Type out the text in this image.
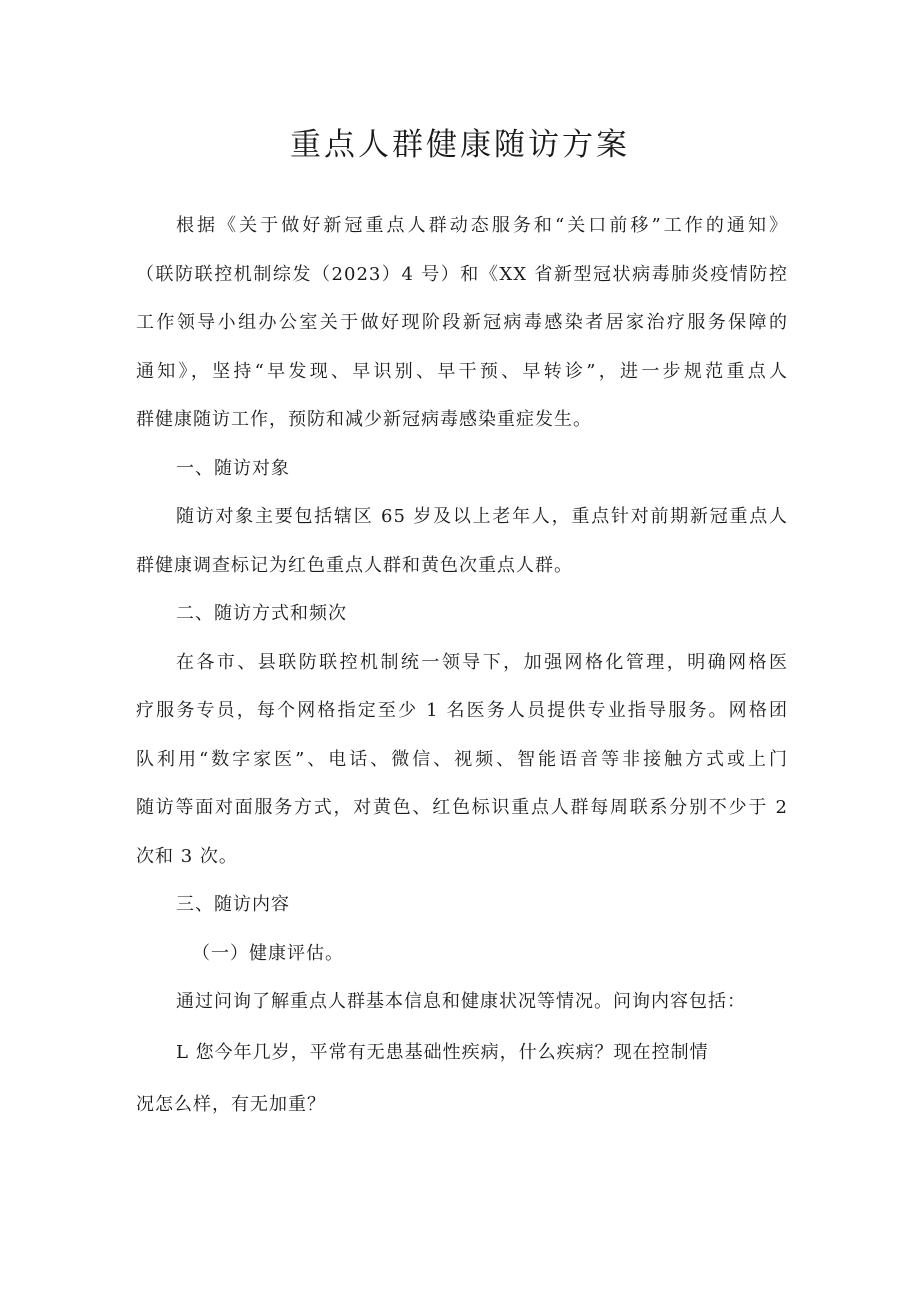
重点人群健康随访方案
根据《关于做好新冠重点人群动态服务和“关口前移”工作的通知》
（联防联控机制综发（2023）4 号）和《XX 省新型冠状病毒肺炎疫情防控
工作领导小组办公室关于做好现阶段新冠病毒感染者居家治疗服务保障的
通知》，坚持“早发现、早识别、早干预、早转诊”，进一步规范重点人
群健康随访工作，预防和减少新冠病毒感染重症发生。
一、随访对象
随访对象主要包括辖区 65 岁及以上老年人，重点针对前期新冠重点人
群健康调查标记为红色重点人群和黄色次重点人群。
二、随访方式和频次
在各市、县联防联控机制统一领导下，加强网格化管理，明确网格医
疗服务专员，每个网格指定至少 1 名医务人员提供专业指导服务。网格团
队利用“数字家医”、电话、微信、视频、智能语音等非接触方式或上门
随访等面对面服务方式，对黄色、红色标识重点人群每周联系分别不少于 2
次和 3 次。
三、随访内容
（一）健康评估。
通过问询了解重点人群基本信息和健康状况等情况。问询内容包括：
L 您今年几岁，平常有无患基础性疾病，什么疾病？现在控制情
况怎么样，有无加重？
